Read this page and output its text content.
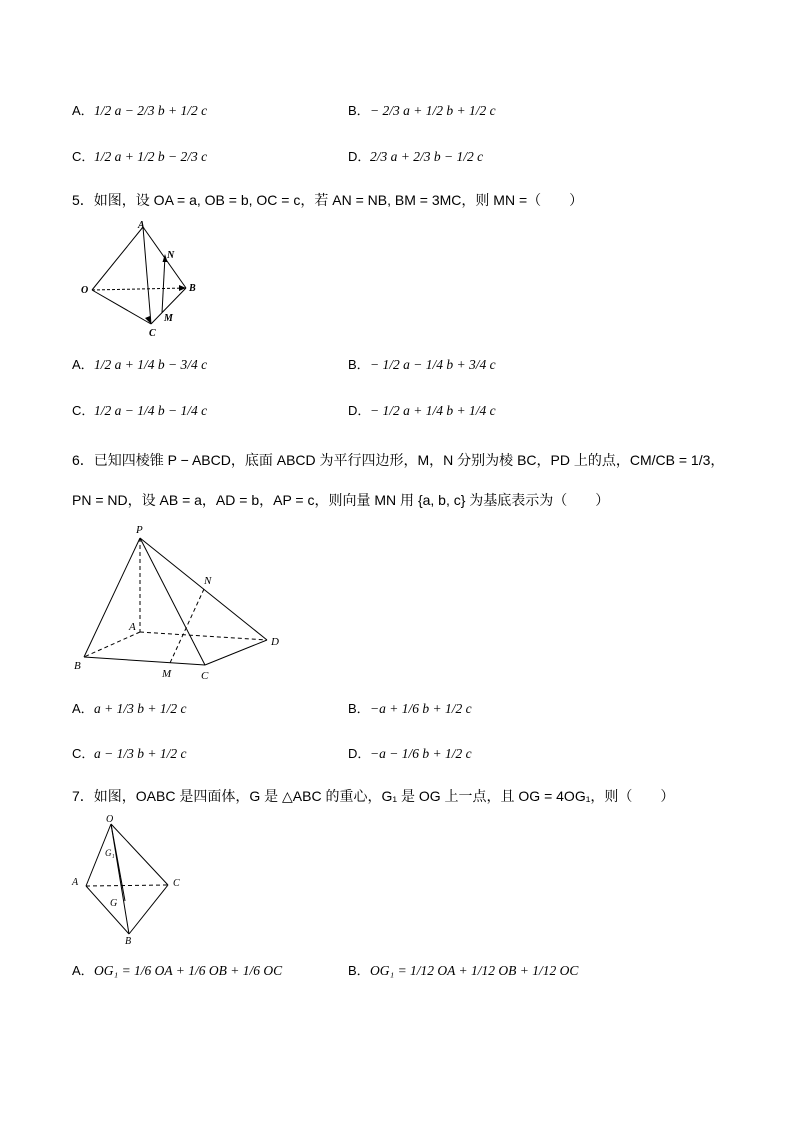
A． 1/2 a − 2/3 b + 1/2 c	B． − 2/3 a + 1/2 b + 1/2 c
C． 1/2 a + 1/2 b − 2/3 c	D． 2/3 a + 2/3 b − 1/2 c
5．如图，设 OA = a, OB = b, OC = c，若 AN = NB, BM = 3MC，则 MN =（　　）
A
N
O	B
M
C
A． 1/2 a + 1/4 b − 3/4 c	B． − 1/2 a − 1/4 b + 3/4 c
C． 1/2 a − 1/4 b − 1/4 c	D． − 1/2 a + 1/4 b + 1/4 c
6．已知四棱锥 P − ABCD，底面 ABCD 为平行四边形，M，N 分别为棱 BC，PD 上的点，CM/CB = 1/3，
PN = ND，设 AB = a，AD = b，AP = c，则向量 MN 用 {a, b, c} 为基底表示为（　　）
P
N
A
D
B
M	C
A． a + 1/3 b + 1/2 c	B． −a + 1/6 b + 1/2 c
C． a − 1/3 b + 1/2 c	D． −a − 1/6 b + 1/2 c
7．如图，OABC 是四面体，G 是 △ABC 的重心，G₁ 是 OG 上一点，且 OG = 4OG₁，则（　　）
O
G₁
A	C
G
B
A． OG₁ = 1/6 OA + 1/6 OB + 1/6 OC	B． OG₁ = 1/12 OA + 1/12 OB + 1/12 OC
